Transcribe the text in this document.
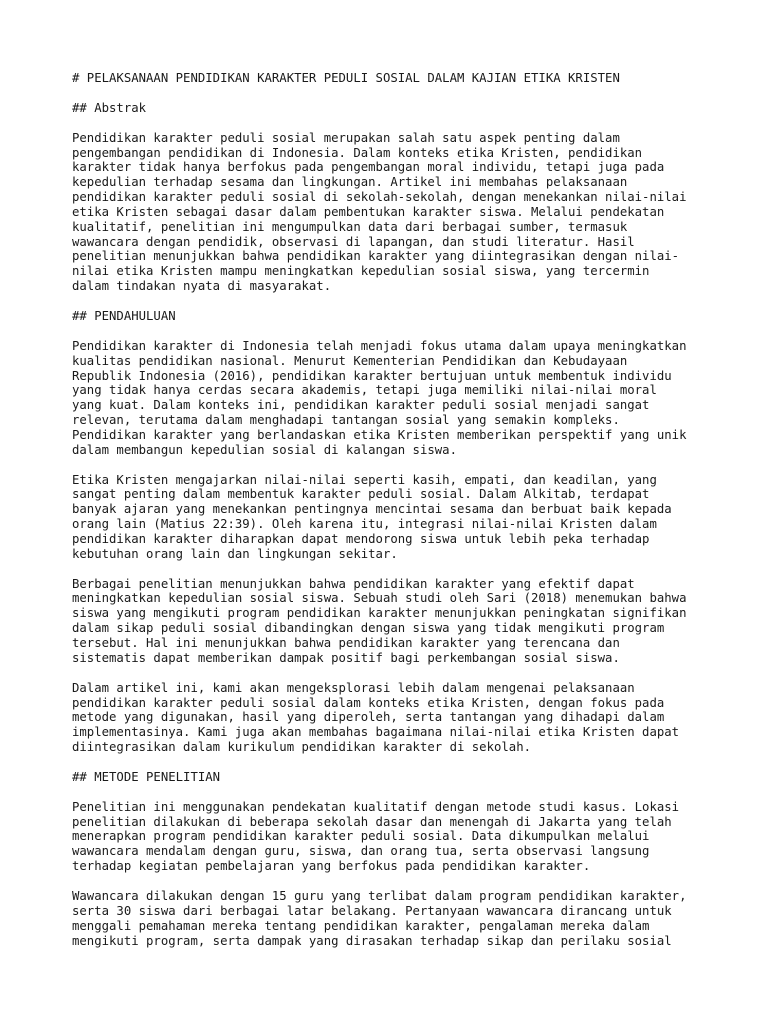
# PELAKSANAAN PENDIDIKAN KARAKTER PEDULI SOSIAL DALAM KAJIAN ETIKA KRISTEN
## Abstrak
Pendidikan karakter peduli sosial merupakan salah satu aspek penting dalam
pengembangan pendidikan di Indonesia. Dalam konteks etika Kristen, pendidikan
karakter tidak hanya berfokus pada pengembangan moral individu, tetapi juga pada
kepedulian terhadap sesama dan lingkungan. Artikel ini membahas pelaksanaan
pendidikan karakter peduli sosial di sekolah-sekolah, dengan menekankan nilai-nilai
etika Kristen sebagai dasar dalam pembentukan karakter siswa. Melalui pendekatan
kualitatif, penelitian ini mengumpulkan data dari berbagai sumber, termasuk
wawancara dengan pendidik, observasi di lapangan, dan studi literatur. Hasil
penelitian menunjukkan bahwa pendidikan karakter yang diintegrasikan dengan nilai-
nilai etika Kristen mampu meningkatkan kepedulian sosial siswa, yang tercermin
dalam tindakan nyata di masyarakat.
## PENDAHULUAN
Pendidikan karakter di Indonesia telah menjadi fokus utama dalam upaya meningkatkan
kualitas pendidikan nasional. Menurut Kementerian Pendidikan dan Kebudayaan
Republik Indonesia (2016), pendidikan karakter bertujuan untuk membentuk individu
yang tidak hanya cerdas secara akademis, tetapi juga memiliki nilai-nilai moral
yang kuat. Dalam konteks ini, pendidikan karakter peduli sosial menjadi sangat
relevan, terutama dalam menghadapi tantangan sosial yang semakin kompleks.
Pendidikan karakter yang berlandaskan etika Kristen memberikan perspektif yang unik
dalam membangun kepedulian sosial di kalangan siswa.
Etika Kristen mengajarkan nilai-nilai seperti kasih, empati, dan keadilan, yang
sangat penting dalam membentuk karakter peduli sosial. Dalam Alkitab, terdapat
banyak ajaran yang menekankan pentingnya mencintai sesama dan berbuat baik kepada
orang lain (Matius 22:39). Oleh karena itu, integrasi nilai-nilai Kristen dalam
pendidikan karakter diharapkan dapat mendorong siswa untuk lebih peka terhadap
kebutuhan orang lain dan lingkungan sekitar.
Berbagai penelitian menunjukkan bahwa pendidikan karakter yang efektif dapat
meningkatkan kepedulian sosial siswa. Sebuah studi oleh Sari (2018) menemukan bahwa
siswa yang mengikuti program pendidikan karakter menunjukkan peningkatan signifikan
dalam sikap peduli sosial dibandingkan dengan siswa yang tidak mengikuti program
tersebut. Hal ini menunjukkan bahwa pendidikan karakter yang terencana dan
sistematis dapat memberikan dampak positif bagi perkembangan sosial siswa.
Dalam artikel ini, kami akan mengeksplorasi lebih dalam mengenai pelaksanaan
pendidikan karakter peduli sosial dalam konteks etika Kristen, dengan fokus pada
metode yang digunakan, hasil yang diperoleh, serta tantangan yang dihadapi dalam
implementasinya. Kami juga akan membahas bagaimana nilai-nilai etika Kristen dapat
diintegrasikan dalam kurikulum pendidikan karakter di sekolah.
## METODE PENELITIAN
Penelitian ini menggunakan pendekatan kualitatif dengan metode studi kasus. Lokasi
penelitian dilakukan di beberapa sekolah dasar dan menengah di Jakarta yang telah
menerapkan program pendidikan karakter peduli sosial. Data dikumpulkan melalui
wawancara mendalam dengan guru, siswa, dan orang tua, serta observasi langsung
terhadap kegiatan pembelajaran yang berfokus pada pendidikan karakter.
Wawancara dilakukan dengan 15 guru yang terlibat dalam program pendidikan karakter,
serta 30 siswa dari berbagai latar belakang. Pertanyaan wawancara dirancang untuk
menggali pemahaman mereka tentang pendidikan karakter, pengalaman mereka dalam
mengikuti program, serta dampak yang dirasakan terhadap sikap dan perilaku sosial
